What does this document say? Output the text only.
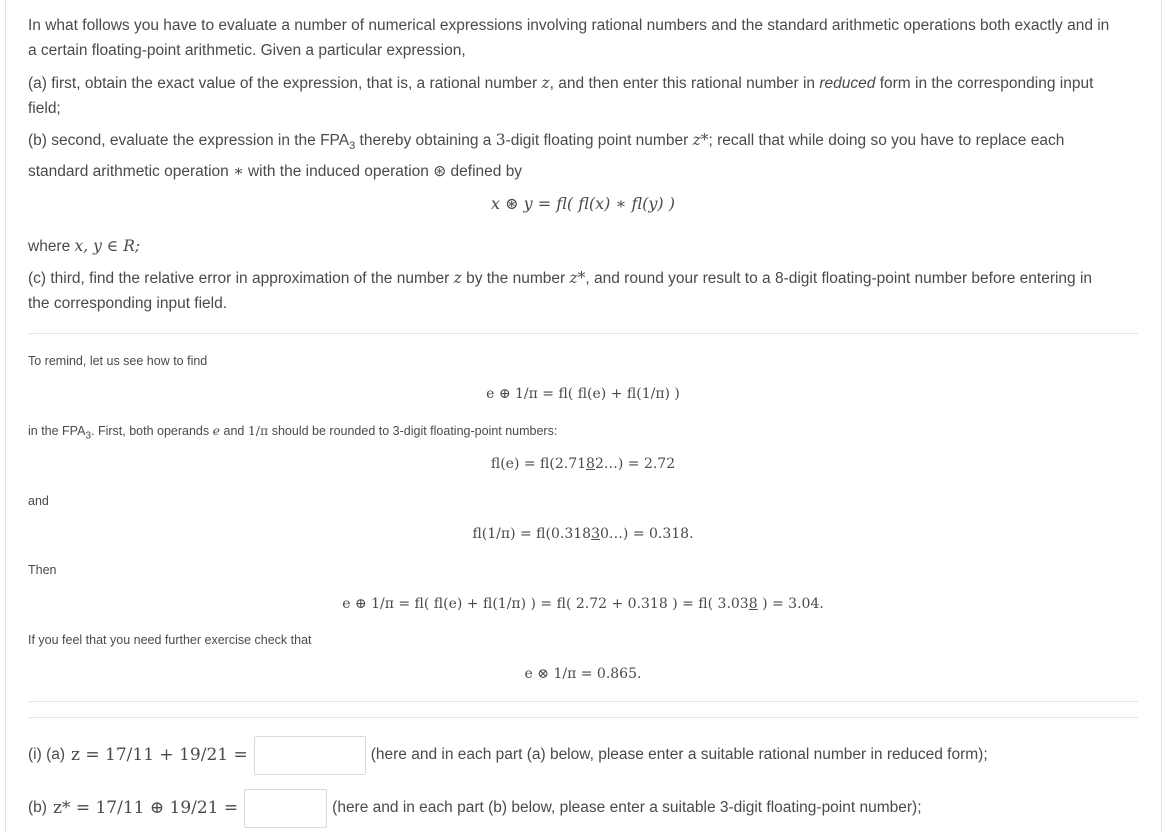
In what follows you have to evaluate a number of numerical expressions involving rational numbers and the standard arithmetic operations both exactly and in

a certain floating-point arithmetic. Given a particular expression,

(a) first, obtain the exact value of the expression, that is, a rational number z, and then enter this rational number in reduced form in the corresponding input

field;

(b) second, evaluate the expression in the $FPA_3$ thereby obtaining a 3-digit floating point number z*; recall that while doing so you have to replace each

standard arithmetic operation ∗ with the induced operation ⊛ defined by

x ⊛ y = fl( fl(x) ∗ fl(y) )

where x, y ∈ R;

(c) third, find the relative error in approximation of the number z by the number z*, and round your result to a 8-digit floating-point number before entering in

the corresponding input field.

To remind, let us see how to find

e ⊕ 1/π = fl( fl(e) + fl(1/π) )

in the $FPA_3$. First, both operands e and 1/π should be rounded to 3-digit floating-point numbers:

fl(e) = fl(2.7182…) = 2.72

and

fl(1/π) = fl(0.31830…) = 0.318.

Then

e ⊕ 1/π = fl( fl(e) + fl(1/π) ) = fl( 2.72 + 0.318 ) = fl( 3.038 ) = 3.04.

If you feel that you need further exercise check that

e ⊗ 1/π = 0.865.
(i) (a) z = 17/11 + 19/21 =	(here and in each part (a) below, please enter a suitable rational number in reduced form);
(b) z* = 17/11 ⊕ 19/21 =	(here and in each part (b) below, please enter a suitable 3-digit floating-point number);
